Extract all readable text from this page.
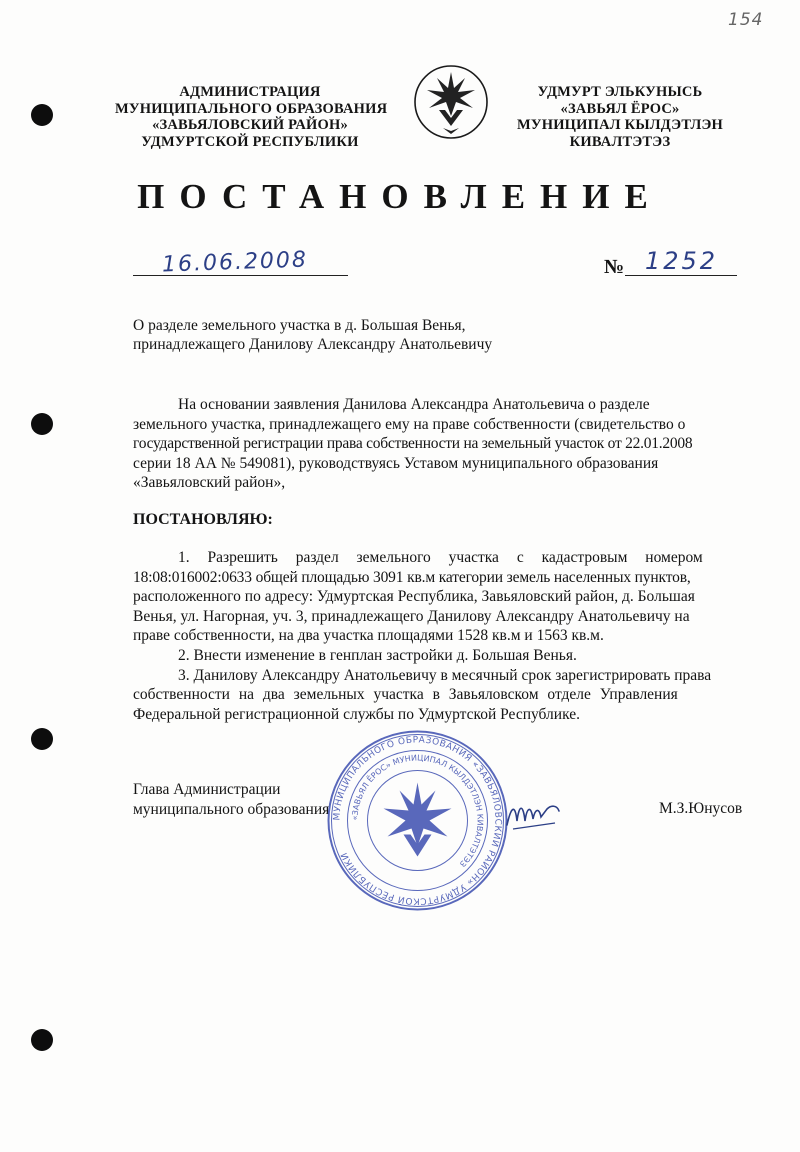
154
АДМИНИСТРАЦИЯ
МУНИЦИПАЛЬНОГО ОБРАЗОВАНИЯ
«ЗАВЬЯЛОВСКИЙ РАЙОН»
УДМУРТСКОЙ РЕСПУБЛИКИ
УДМУРТ ЭЛЬКУНЫСЬ
«ЗАВЬЯЛ ЁРОС»
МУНИЦИПАЛ КЫЛДЭТЛЭН
КИВАЛТЭТЭЗ
ПОСТАНОВЛЕНИЕ
16.06.2008	№ 1252
О разделе земельного участка в д. Большая Венья,
принадлежащего Данилову Александру Анатольевичу
На основании заявления Данилова Александра Анатольевича о разделе
земельного участка, принадлежащего ему на праве собственности (свидетельство о
государственной регистрации права собственности на земельный участок от 22.01.2008
серии 18 АА № 549081), руководствуясь Уставом муниципального образования
«Завьяловский район»,
ПОСТАНОВЛЯЮ:
1. Разрешить раздел земельного участка с кадастровым номером
18:08:016002:0633 общей площадью 3091 кв.м категории земель населенных пунктов,
расположенного по адресу: Удмуртская Республика, Завьяловский район, д. Большая
Венья, ул. Нагорная, уч. 3, принадлежащего Данилову Александру Анатольевичу на
праве собственности, на два участка площадями 1528 кв.м и 1563 кв.м.
2. Внести изменение в генплан застройки д. Большая Венья.
3. Данилову Александру Анатольевичу в месячный срок зарегистрировать права
собственности на два земельных участка в Завьяловском отделе Управления
Федеральной регистрационной службы по Удмуртской Республике.
Глава Администрации
муниципального образования МУНИЦИПАЛЬНОГО ОБРАЗОВАНИЯ «ЗАВЬЯЛОВСКИЙ РАЙОН» УДМУРТСКОЙ РЕСПУБЛИКИ
«ЗАВЬЯЛ ЁРОС» МУНИЦИПАЛ КЫЛДЭТЛЭН КИВАЛТЭТЭЗ
М.З.Юнусов
